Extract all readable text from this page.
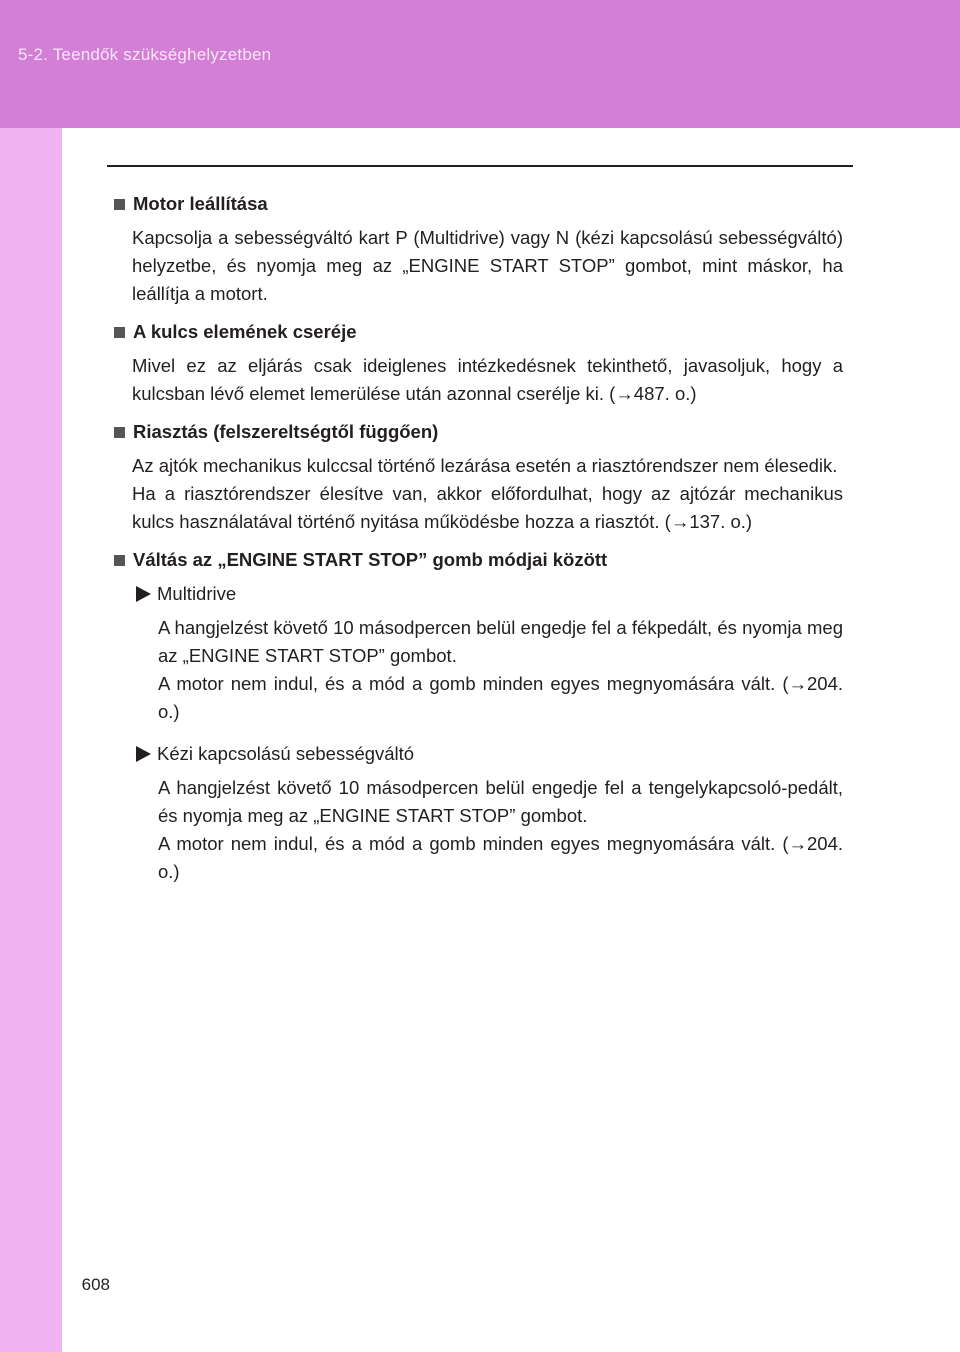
5-2. Teendők szükséghelyzetben
608
Motor leállítása

Kapcsolja a sebességváltó kart P (Multidrive) vagy N (kézi kapcsolású sebességváltó) helyzetbe, és nyomja meg az „ENGINE START STOP” gombot, mint máskor, ha leállítja a motort.

A kulcs elemének cseréje

Mivel ez az eljárás csak ideiglenes intézkedésnek tekinthető, javasoljuk, hogy a kulcsban lévő elemet lemerülése után azonnal cserélje ki. (→487. o.)

Riasztás (felszereltségtől függően)

Az ajtók mechanikus kulccsal történő lezárása esetén a riasztórendszer nem élesedik.

Ha a riasztórendszer élesítve van, akkor előfordulhat, hogy az ajtózár mechanikus kulcs használatával történő nyitása működésbe hozza a riasztót. (→137. o.)

Váltás az „ENGINE START STOP” gomb módjai között
Multidrive

A hangjelzést követő 10 másodpercen belül engedje fel a fékpedált, és nyomja meg az „ENGINE START STOP” gombot.

A motor nem indul, és a mód a gomb minden egyes megnyomására vált. (→204. o.)

Kézi kapcsolású sebességváltó

A hangjelzést követő 10 másodpercen belül engedje fel a tengelykapcsoló-pedált, és nyomja meg az „ENGINE START STOP” gombot.

A motor nem indul, és a mód a gomb minden egyes megnyomására vált. (→204. o.)
